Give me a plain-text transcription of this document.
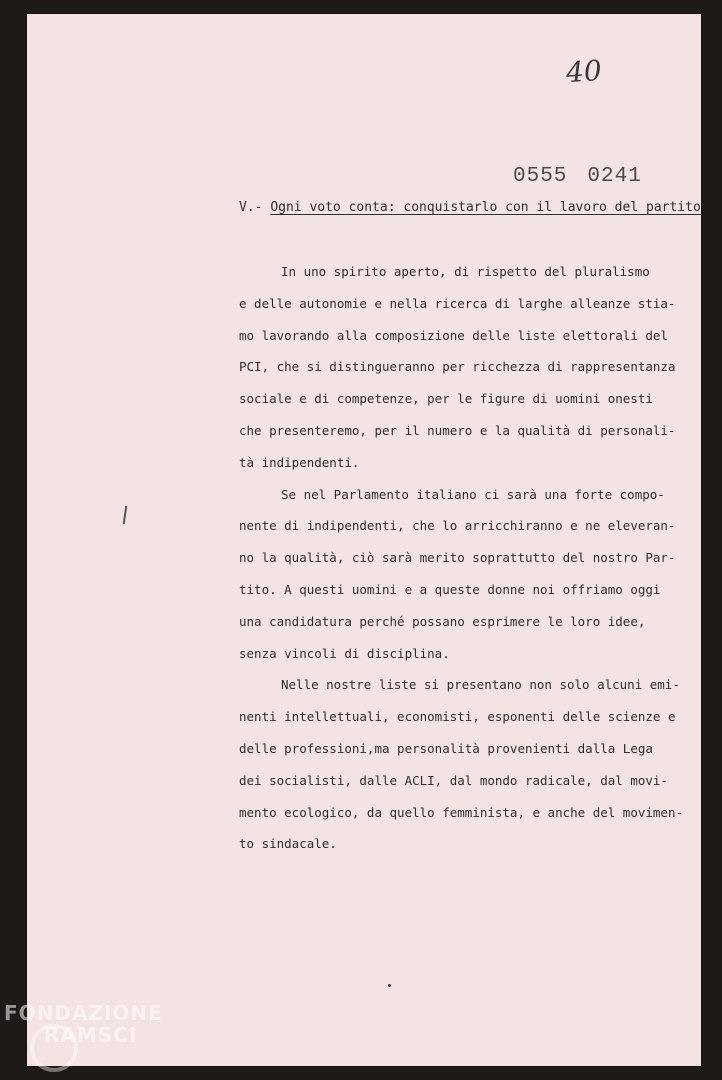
40
0555 0241
V.- Ogni voto conta: conquistarlo con il lavoro del partito
In uno spirito aperto, di rispetto del pluralismo
e delle autonomie e nella ricerca di larghe alleanze stia-
mo lavorando alla composizione delle liste elettorali del
PCI, che si distingueranno per ricchezza di rappresentanza
sociale e di competenze, per le figure di uomini onesti
che presenteremo, per il numero e la qualità di personali-
tà indipendenti.
Se nel Parlamento italiano ci sarà una forte compo-
nente di indipendenti, che lo arricchiranno e ne eleveran-
no la qualità, ciò sarà merito soprattutto del nostro Par-
tito. A questi uomini e a queste donne noi offriamo oggi
una candidatura perché possano esprimere le loro idee,
senza vincoli di disciplina.
Nelle nostre liste si presentano non solo alcuni emi-
nenti intellettuali, economisti, esponenti delle scienze e
delle professioni,ma personalità provenienti dalla Lega
dei socialisti, dalle ACLI, dal mondo radicale, dal movi-
mento ecologico, da quello femminista, e anche del movimen-
to sindacale.
FONDAZIONE
RAMSCI
